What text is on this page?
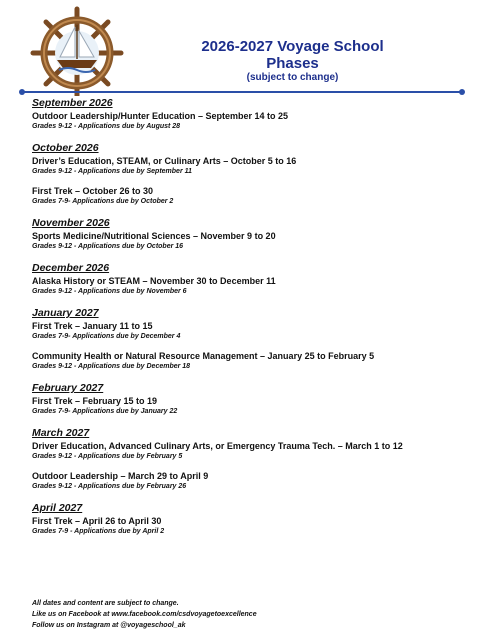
2026-2027 Voyage School
Phases
(subject to change)
September 2026
Outdoor Leadership/Hunter Education – September 14 to 25
Grades 9-12 - Applications due by August 28
October 2026
Driver’s Education, STEAM, or Culinary Arts – October 5 to 16
Grades 9-12 - Applications due by September 11
First Trek – October 26 to 30
Grades 7-9- Applications due by October 2
November 2026
Sports Medicine/Nutritional Sciences – November 9 to 20
Grades 9-12 - Applications due by October 16
December 2026
Alaska History or STEAM – November 30 to December 11
Grades 9-12 - Applications due by November 6
January 2027
First Trek – January 11 to 15
Grades 7-9- Applications due by December 4
Community Health or Natural Resource Management – January 25 to February 5
Grades 9-12 - Applications due by December 18
February 2027
First Trek – February 15 to 19
Grades 7-9- Applications due by January 22
March 2027
Driver Education, Advanced Culinary Arts, or Emergency Trauma Tech. – March 1 to 12
Grades 9-12 - Applications due by February 5
Outdoor Leadership – March 29 to April 9
Grades 9-12 - Applications due by February 26
April 2027
First Trek – April 26 to April 30
Grades 7-9 - Applications due by April 2
All dates and content are subject to change.
Like us on Facebook at www.facebook.com/csdvoyagetoexcellence
Follow us on Instagram at @voyageschool_ak
